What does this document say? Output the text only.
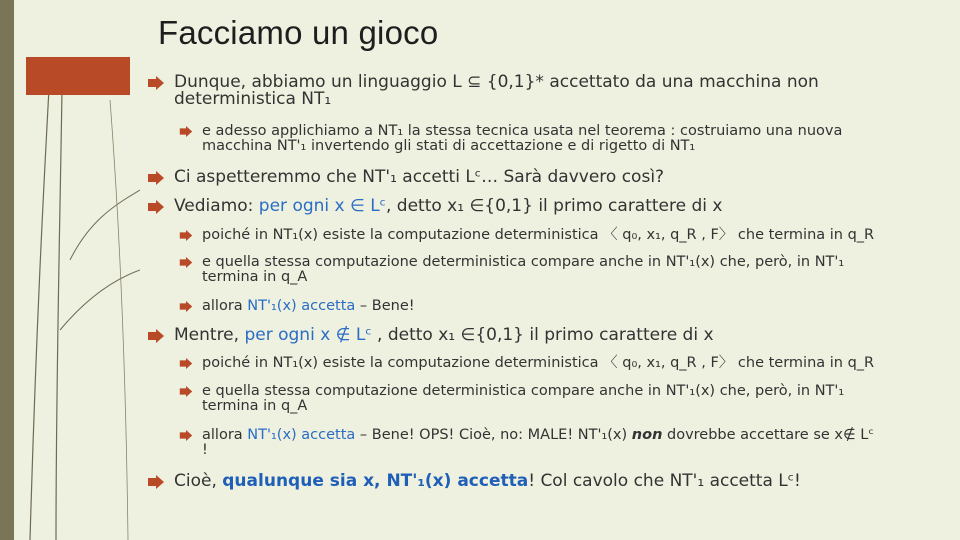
Facciamo un gioco
Dunque, abbiamo un linguaggio L ⊆ {0,1}* accettato da una macchina non deterministica NT₁
e adesso applichiamo a NT₁ la stessa tecnica usata nel teorema : costruiamo una nuova macchina NT'₁ invertendo gli stati di accettazione e di rigetto di NT₁
Ci aspetteremmo che NT'₁ accetti Lᶜ… Sarà davvero così?
Vediamo: per ogni x ∈ Lᶜ, detto x₁ ∈{0,1} il primo carattere di x
poiché in NT₁(x) esiste la computazione deterministica 〈 q₀, x₁, q_R , F〉 che termina in q_R
e quella stessa computazione deterministica compare anche in NT'₁(x) che, però, in NT'₁ termina in q_A
allora NT'₁(x) accetta – Bene!
Mentre, per ogni x ∉ Lᶜ , detto x₁ ∈{0,1} il primo carattere di x
poiché in NT₁(x) esiste la computazione deterministica 〈 q₀, x₁, q_R , F〉 che termina in q_R
e quella stessa computazione deterministica compare anche in NT'₁(x) che, però, in NT'₁ termina in q_A
allora NT'₁(x) accetta – Bene! OPS! Cioè, no: MALE! NT'₁(x) non dovrebbe accettare se x∉ Lᶜ !
Cioè, qualunque sia x, NT'₁(x) accetta! Col cavolo che NT'₁ accetta Lᶜ!
